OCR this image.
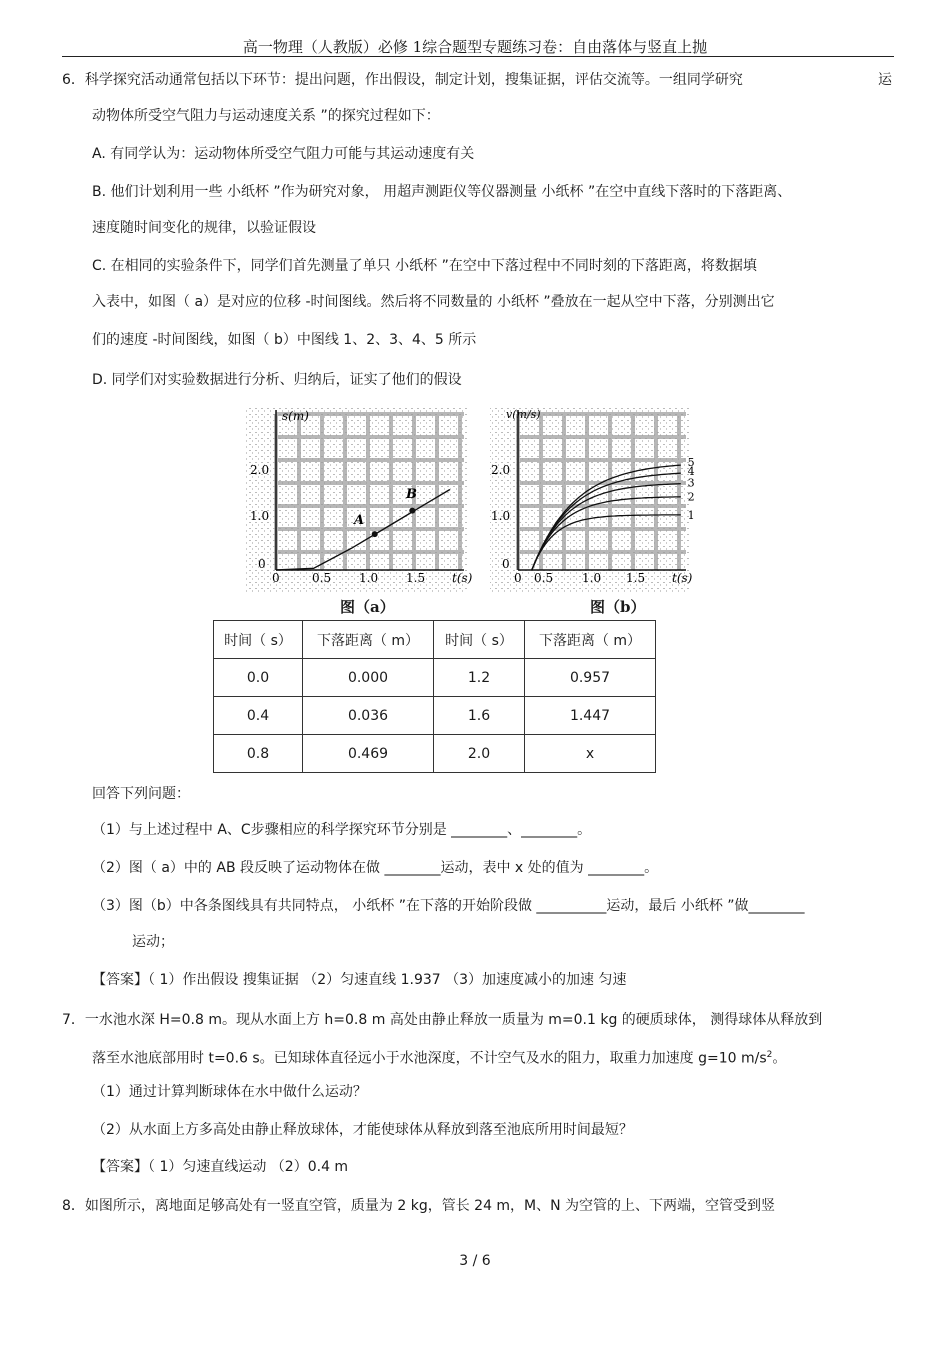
高一物理（人教版）必修 1综合题型专题练习卷：自由落体与竖直上抛
6．科学探究活动通常包括以下环节：提出问题，作出假设，制定计划，搜集证据，评估交流等。一组同学研究	运
动物体所受空气阻力与运动速度关系 ”的探究过程如下：
A. 有同学认为：运动物体所受空气阻力可能与其运动速度有关
B. 他们计划利用一些 小纸杯 ”作为研究对象， 用超声测距仪等仪器测量 小纸杯 ”在空中直线下落时的下落距离、
速度随时间变化的规律，以验证假设
C. 在相同的实验条件下，同学们首先测量了单只 小纸杯 ”在空中下落过程中不同时刻的下落距离，将数据填
入表中，如图（ a）是对应的位移 -时间图线。然后将不同数量的 小纸杯 ”叠放在一起从空中下落，分别测出它
们的速度 -时间图线，如图（ b）中图线 1、2、3、4、5 所示
D. 同学们对实验数据进行分析、归纳后，证实了他们的假设
A
B
s(m)
t(s)
2.0
1.0
0
0	0.5 1.0 1.5
图（a）
1
2
3
4
5
v(m/s)
t(s)
2.0
1.0
0
0 0.5 1.0 1.5
图（b）
时间（ s）	下落距离（ m）	时间（ s）	下落距离（ m）
0.0	0.000	1.2	0.957
0.4	0.036	1.6	1.447
0.8	0.469	2.0	x
回答下列问题：
（1）与上述过程中 A、C步骤相应的科学探究环节分别是 ________、________。
（2）图（ a）中的 AB 段反映了运动物体在做 ________运动，表中 x 处的值为 ________。
（3）图（b）中各条图线具有共同特点， 小纸杯 ”在下落的开始阶段做 __________运动，最后 小纸杯 ”做________
运动；
【答案】（ 1）作出假设 搜集证据 （2）匀速直线 1.937 （3）加速度减小的加速 匀速
7．一水池水深 H=0.8 m。现从水面上方 h=0.8 m 高处由静止释放一质量为 m=0.1 kg 的硬质球体， 测得球体从释放到
落至水池底部用时 t=0.6 s。已知球体直径远小于水池深度，不计空气及水的阻力，取重力加速度 g=10 $m/s^2$。
（1）通过计算判断球体在水中做什么运动？
（2）从水面上方多高处由静止释放球体，才能使球体从释放到落至池底所用时间最短？
【答案】（ 1）匀速直线运动 （2）0.4 m
8．如图所示，离地面足够高处有一竖直空管，质量为 2 kg，管长 24 m，M、N 为空管的上、下两端，空管受到竖
3 / 6
